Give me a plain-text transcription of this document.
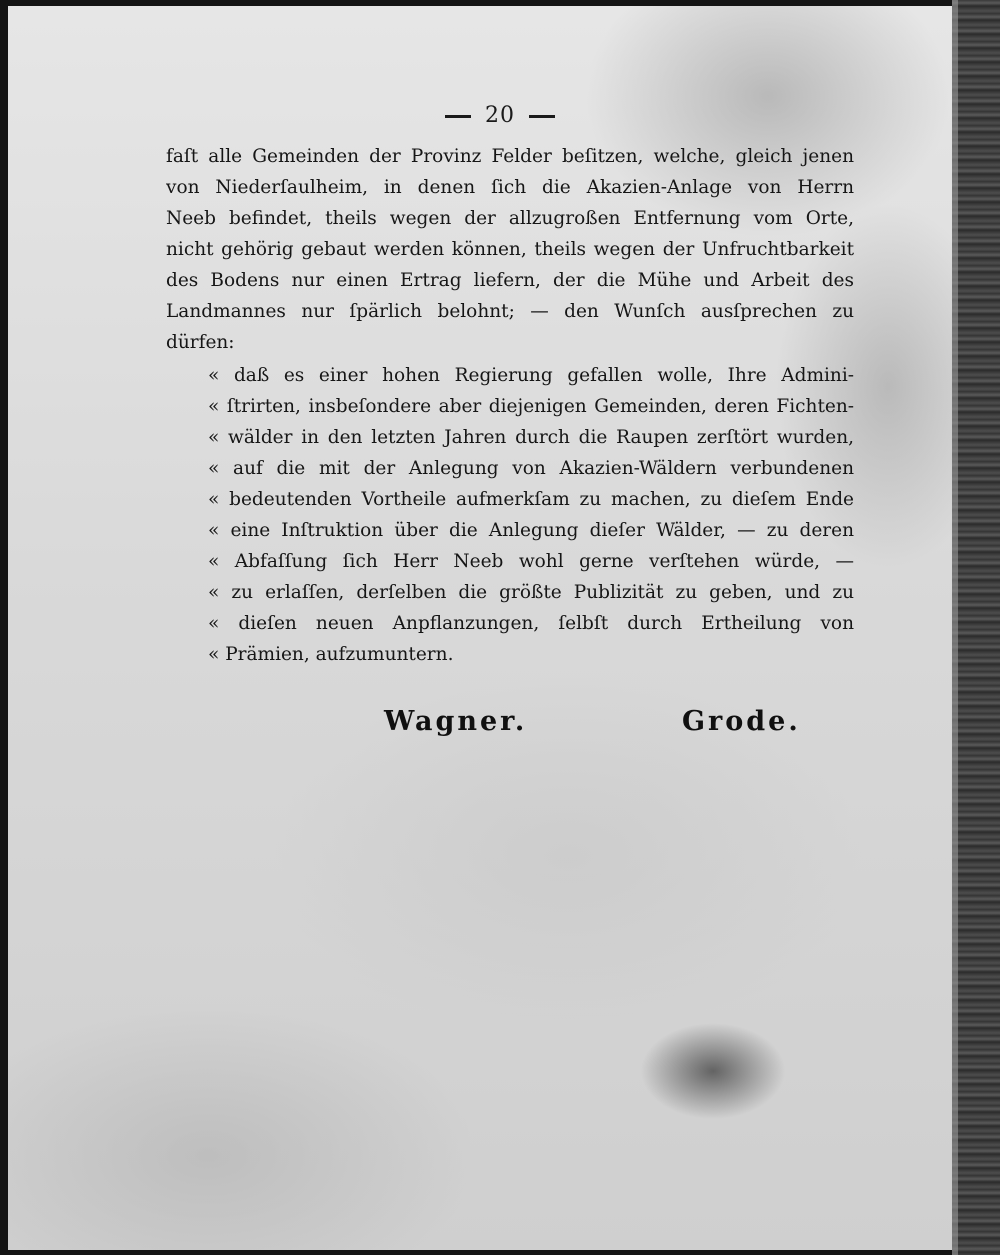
20
faſt alle Gemeinden der Provinz Felder beſitzen, welche, gleich jenen
von Niederſaulheim, in denen ſich die Akazien-Anlage von Herrn
Neeb befindet, theils wegen der allzugroßen Entfernung vom Orte,
nicht gehörig gebaut werden können, theils wegen der Unfruchtbarkeit
des Bodens nur einen Ertrag liefern, der die Mühe und Arbeit des
Landmannes nur ſpärlich belohnt; — den Wunſch ausſprechen zu
dürfen:
« daß es einer hohen Regierung gefallen wolle, Ihre Admini-
« ſtrirten, insbeſondere aber diejenigen Gemeinden, deren Fichten-
« wälder in den letzten Jahren durch die Raupen zerſtört wurden,
« auf die mit der Anlegung von Akazien-Wäldern verbundenen
« bedeutenden Vortheile aufmerkſam zu machen, zu dieſem Ende
« eine Inſtruktion über die Anlegung dieſer Wälder, — zu deren
« Abfaſſung ſich Herr Neeb wohl gerne verſtehen würde, —
« zu erlaſſen, derſelben die größte Publizität zu geben, und zu
« dieſen neuen Anpflanzungen, ſelbſt durch Ertheilung von
« Prämien, aufzumuntern.
Wagner.	Grode.
